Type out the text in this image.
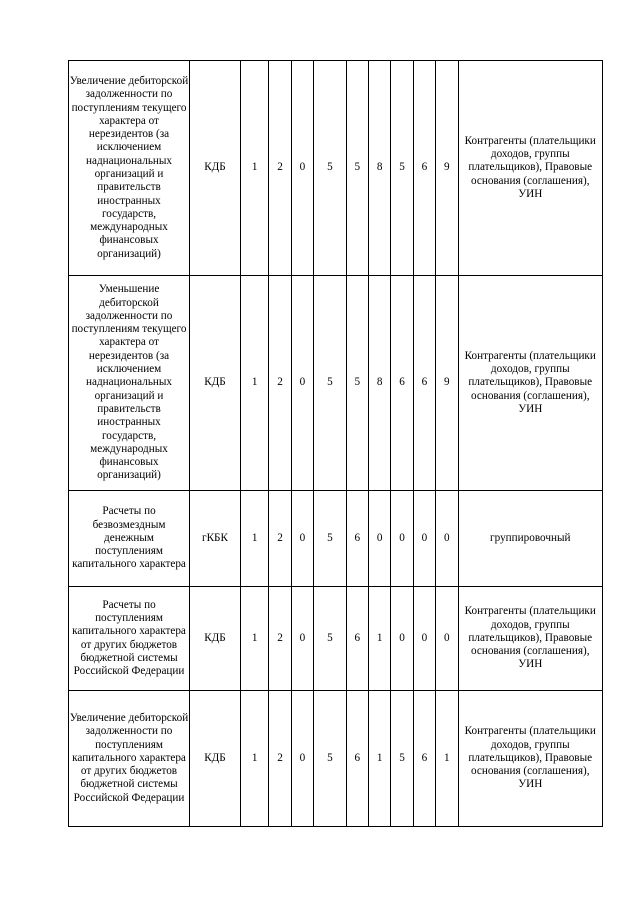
Увеличение дебиторской задолженности по поступлениям текущего характера от нерезидентов (за исключением наднациональных организаций и правительств иностранных государств, международных финансовых организаций)	КДБ	1	2	0	5	5	8	5	6	9	Контрагенты (плательщики доходов, группы плательщиков), Правовые основания (соглашения), УИН
Уменьшение дебиторской задолженности по поступлениям текущего характера от нерезидентов (за исключением наднациональных организаций и правительств иностранных государств, международных финансовых организаций)	КДБ	1	2	0	5	5	8	6	6	9	Контрагенты (плательщики доходов, группы плательщиков), Правовые основания (соглашения), УИН
Расчеты по безвозмездным денежным поступлениям капитального характера	гКБК	1	2	0	5	6	0	0	0	0	группировочный
Расчеты по поступлениям капитального характера от других бюджетов бюджетной системы Российской Федерации	КДБ	1	2	0	5	6	1	0	0	0	Контрагенты (плательщики доходов, группы плательщиков), Правовые основания (соглашения), УИН
Увеличение дебиторской задолженности по поступлениям капитального характера от других бюджетов бюджетной системы Российской Федерации	КДБ	1	2	0	5	6	1	5	6	1	Контрагенты (плательщики доходов, группы плательщиков), Правовые основания (соглашения), УИН
